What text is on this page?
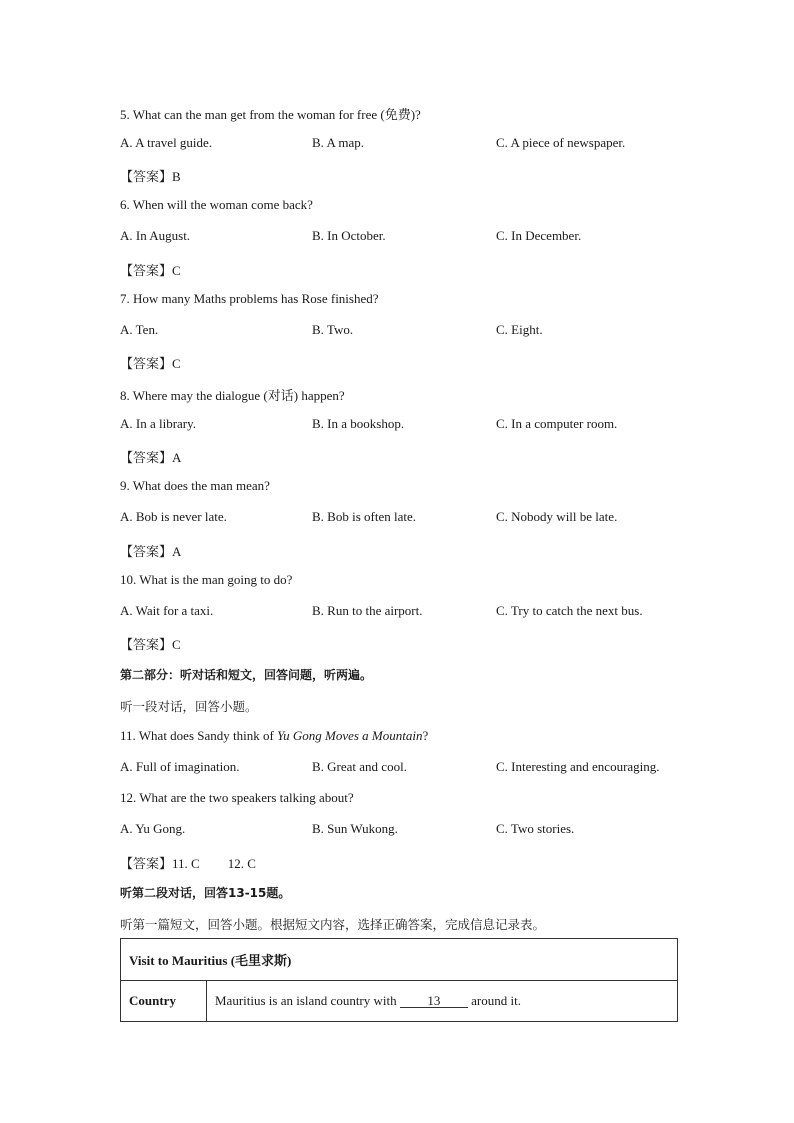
5. What can the man get from the woman for free (免费)?
A. A travel guide.	B. A map.	C. A piece of newspaper.
【答案】B
6. When will the woman come back?
A. In August.	B. In October.	C. In December.
【答案】C
7. How many Maths problems has Rose finished?
A. Ten.	B. Two.	C. Eight.
【答案】C
8. Where may the dialogue (对话) happen?
A. In a library.	B. In a bookshop.	C. In a computer room.
【答案】A
9. What does the man mean?
A. Bob is never late.	B. Bob is often late.	C. Nobody will be late.
【答案】A
10. What is the man going to do?
A. Wait for a taxi.	B. Run to the airport.	C. Try to catch the next bus.
【答案】C
第二部分：听对话和短文，回答问题，听两遍。
听一段对话，回答小题。
11. What does Sandy think of Yu Gong Moves a Mountain?
A. Full of imagination.	B. Great and cool.	C. Interesting and encouraging.
12. What are the two speakers talking about?
A. Yu Gong.	B. Sun Wukong.	C. Two stories.
【答案】11. C 12. C
听第二段对话，回答13-15题。
听第一篇短文，回答小题。根据短文内容，选择正确答案，完成信息记录表。
Visit to Mauritius (毛里求斯)
Country	Mauritius is an island country with 13 around it.
